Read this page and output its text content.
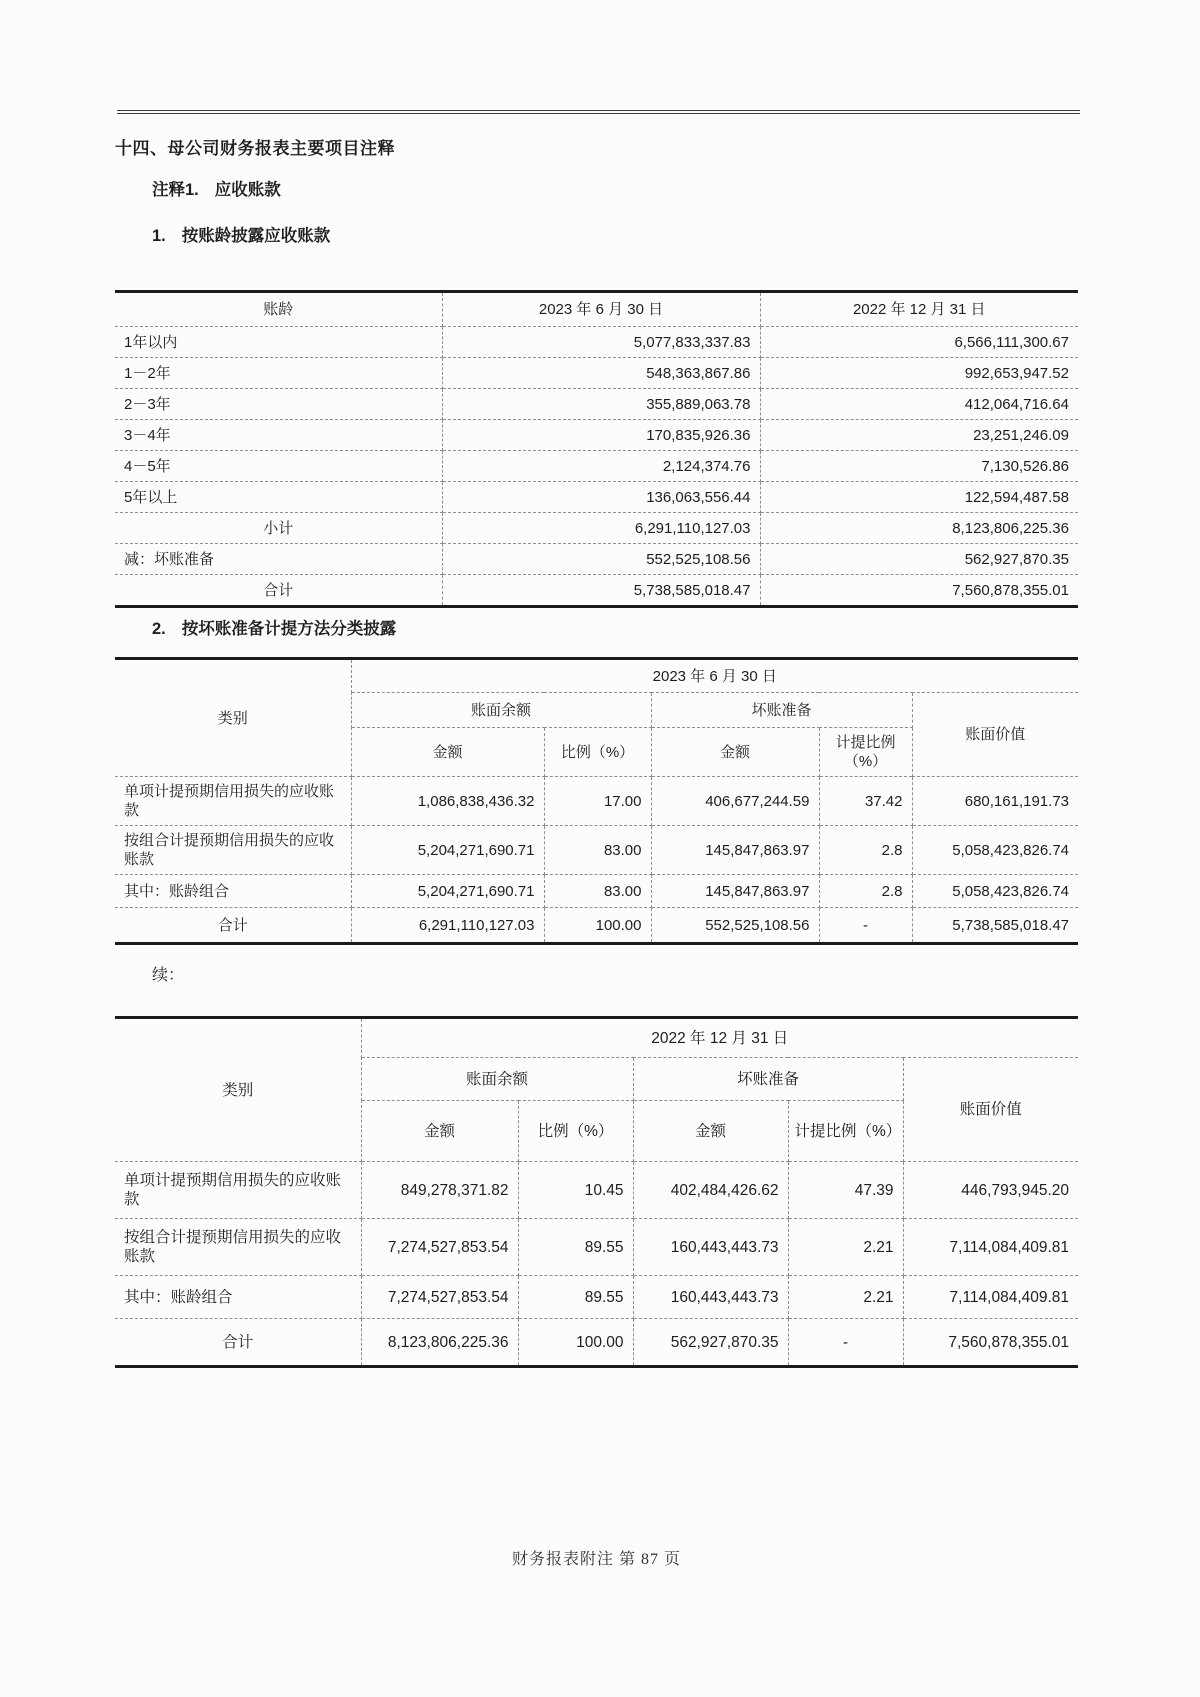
十四、母公司财务报表主要项目注释
注释1. 应收账款
1. 按账龄披露应收账款
账龄	2023 年 6 月 30 日	2022 年 12 月 31 日
1年以内	5,077,833,337.83	6,566,111,300.67
1－2年	548,363,867.86	992,653,947.52
2－3年	355,889,063.78	412,064,716.64
3－4年	170,835,926.36	23,251,246.09
4－5年	2,124,374.76	7,130,526.86
5年以上	136,063,556.44	122,594,487.58
小计	6,291,110,127.03	8,123,806,225.36
减：坏账准备	552,525,108.56	562,927,870.35
合计	5,738,585,018.47	7,560,878,355.01
2. 按坏账准备计提方法分类披露
类别	2023 年 6 月 30 日				
	账面余额		坏账准备		账面价值
	金额	比例（%）	金额	计提比例（%）	
单项计提预期信用损失的应收账款	1,086,838,436.32	17.00	406,677,244.59	37.42	680,161,191.73
按组合计提预期信用损失的应收账款	5,204,271,690.71	83.00	145,847,863.97	2.8	5,058,423,826.74
其中：账龄组合	5,204,271,690.71	83.00	145,847,863.97	2.8	5,058,423,826.74
合计	6,291,110,127.03	100.00	552,525,108.56	-	5,738,585,018.47
续：
类别	2022 年 12 月 31 日				
	账面余额		坏账准备		账面价值
	金额	比例（%）	金额	计提比例（%）	
单项计提预期信用损失的应收账款	849,278,371.82	10.45	402,484,426.62	47.39	446,793,945.20
按组合计提预期信用损失的应收账款	7,274,527,853.54	89.55	160,443,443.73	2.21	7,114,084,409.81
其中：账龄组合	7,274,527,853.54	89.55	160,443,443.73	2.21	7,114,084,409.81
合计	8,123,806,225.36	100.00	562,927,870.35	-	7,560,878,355.01
财务报表附注 第 87 页
